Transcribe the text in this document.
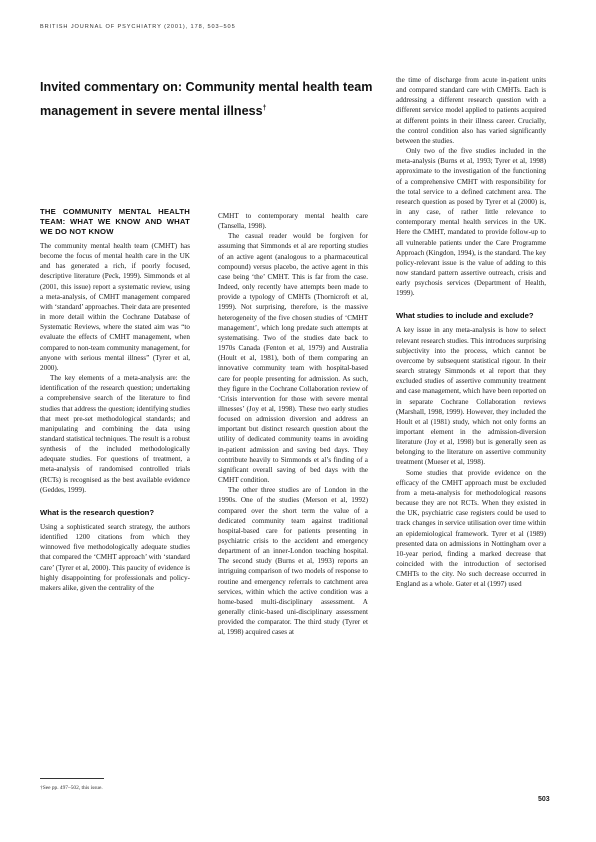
BRITISH JOURNAL OF PSYCHIATRY (2001), 178, 503–505
Invited commentary on: Community mental health team management in severe mental illness†
THE COMMUNITY MENTAL HEALTH TEAM: WHAT WE KNOW AND WHAT WE DO NOT KNOW

The community mental health team (CMHT) has become the focus of mental health care in the UK and has generated a rich, if poorly focused, descriptive literature (Peck, 1999). Simmonds et al (2001, this issue) report a systematic review, using a meta-analysis, of CMHT management compared with ‘standard’ approaches. Their data are presented in more detail within the Cochrane Database of Systematic Reviews, where the stated aim was “to evaluate the effects of CMHT management, when compared to non-team community management, for anyone with serious mental illness” (Tyrer et al, 2000).

The key elements of a meta-analysis are: the identification of the research question; undertaking a comprehensive search of the literature to find studies that address the question; identifying studies that meet pre-set methodological standards; and manipulating and combining the data using standard statistical techniques. The result is a robust synthesis of the included methodologically adequate studies. For questions of treatment, a meta-analysis of randomised controlled trials (RCTs) is recognised as the best available evidence (Geddes, 1999).

What is the research question?

Using a sophisticated search strategy, the authors identified 1200 citations from which they winnowed five methodologically adequate studies that compared the ‘CMHT approach’ with ‘standard care’ (Tyrer et al, 2000). This paucity of evidence is highly disappointing for professionals and policy-makers alike, given the centrality of the

CMHT to contemporary mental health care (Tansella, 1998).

The casual reader would be forgiven for assuming that Simmonds et al are reporting studies of an active agent (analogous to a pharmaceutical compound) versus placebo, the active agent in this case being ‘the’ CMHT. This is far from the case. Indeed, only recently have attempts been made to provide a typology of CMHTs (Thornicroft et al, 1999). Not surprising, therefore, is the massive heterogeneity of the five chosen studies of ‘CMHT management’, which long predate such attempts at systematising. Two of the studies date back to 1970s Canada (Fenton et al, 1979) and Australia (Hoult et al, 1981), both of them comparing an innovative community team with hospital-based care for people presenting for admission. As such, they figure in the Cochrane Collaboration review of ‘Crisis intervention for those with severe mental illnesses’ (Joy et al, 1998). These two early studies focused on admission diversion and address an important but distinct research question about the utility of dedicated community teams in avoiding in-patient admission and saving bed days. They contribute heavily to Simmonds et al’s finding of a significant overall saving of bed days with the CMHT condition.

The other three studies are of London in the 1990s. One of the studies (Merson et al, 1992) compared over the short term the value of a dedicated community team against traditional hospital-based care for patients presenting in psychiatric crisis to the accident and emergency department of an inner-London teaching hospital. The second study (Burns et al, 1993) reports an intriguing comparison of two models of response to routine and emergency referrals to catchment area services, within which the active condition was a home-based multi-disciplinary assessment. A generally clinic-based uni-disciplinary assessment provided the comparator. The third study (Tyrer et al, 1998) acquired cases at

the time of discharge from acute in-patient units and compared standard care with CMHTs. Each is addressing a different research question with a different service model applied to patients acquired at different points in their illness career. Crucially, the control condition also has varied significantly between the studies.

Only two of the five studies included in the meta-analysis (Burns et al, 1993; Tyrer et al, 1998) approximate to the investigation of the functioning of a comprehensive CMHT with responsibility for the total service to a defined catchment area. The research question as posed by Tyrer et al (2000) is, in any case, of rather little relevance to contemporary mental health services in the UK. Here the CMHT, mandated to provide follow-up to all vulnerable patients under the Care Programme Approach (Kingdon, 1994), is the standard. The key policy-relevant issue is the value of adding to this now standard pattern assertive outreach, crisis and early psychosis services (Department of Health, 1999).

What studies to include and exclude?

A key issue in any meta-analysis is how to select relevant research studies. This introduces surprising subjectivity into the process, which cannot be overcome by subsequent statistical rigour. In their search strategy Simmonds et al report that they excluded studies of assertive community treatment and case management, which have been reported on in separate Cochrane Collaboration reviews (Marshall, 1998, 1999). However, they included the Hoult et al (1981) study, which not only forms an important element in the admission-diversion literature (Joy et al, 1998) but is generally seen as belonging to the literature on assertive community treatment (Mueser et al, 1998).

Some studies that provide evidence on the efficacy of the CMHT approach must be excluded from a meta-analysis for methodological reasons because they are not RCTs. When they existed in the UK, psychiatric case registers could be used to track changes in service utilisation over time within an epidemiological framework. Tyrer et al (1989) presented data on admissions in Nottingham over a 10-year period, finding a marked decrease that coincided with the introduction of sectorised CMHTs to the city. No such decrease occurred in England as a whole. Gater et al (1997) used

†See pp. 497–502, this issue.
503
